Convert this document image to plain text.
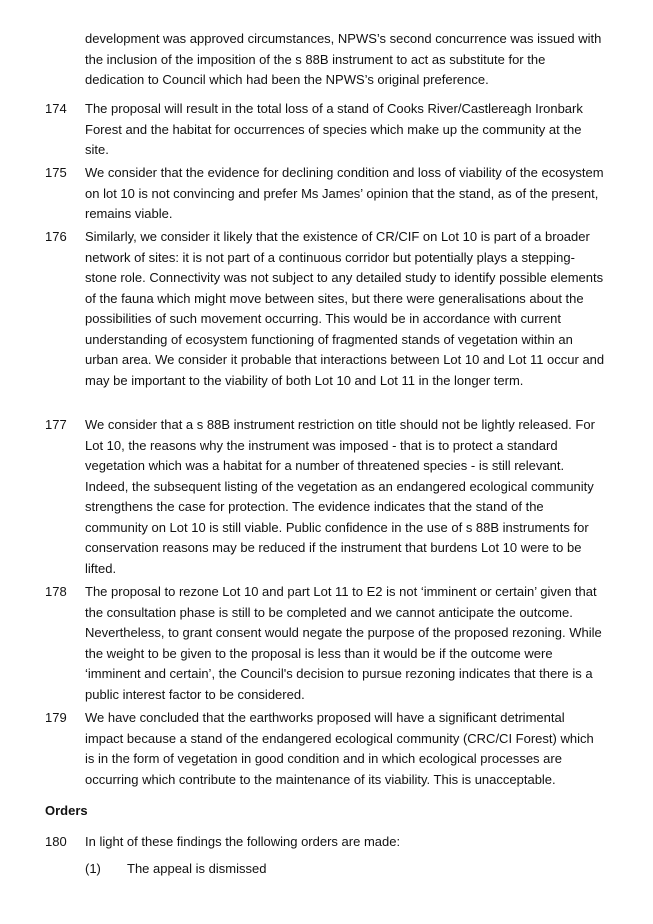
development was approved circumstances, NPWS’s second concurrence was issued with the inclusion of the imposition of the s 88B instrument to act as substitute for the dedication to Council which had been the NPWS’s original preference.
174 The proposal will result in the total loss of a stand of Cooks River/Castlereagh Ironbark Forest and the habitat for occurrences of species which make up the community at the site.
175 We consider that the evidence for declining condition and loss of viability of the ecosystem on lot 10 is not convincing and prefer Ms James’ opinion that the stand, as of the present, remains viable.
176 Similarly, we consider it likely that the existence of CR/CIF on Lot 10 is part of a broader network of sites: it is not part of a continuous corridor but potentially plays a stepping-stone role. Connectivity was not subject to any detailed study to identify possible elements of the fauna which might move between sites, but there were generalisations about the possibilities of such movement occurring. This would be in accordance with current understanding of ecosystem functioning of fragmented stands of vegetation within an urban area. We consider it probable that interactions between Lot 10 and Lot 11 occur and may be important to the viability of both Lot 10 and Lot 11 in the longer term.
177 We consider that a s 88B instrument restriction on title should not be lightly released. For Lot 10, the reasons why the instrument was imposed - that is to protect a standard vegetation which was a habitat for a number of threatened species - is still relevant. Indeed, the subsequent listing of the vegetation as an endangered ecological community strengthens the case for protection. The evidence indicates that the stand of the community on Lot 10 is still viable. Public confidence in the use of s 88B instruments for conservation reasons may be reduced if the instrument that burdens Lot 10 were to be lifted.
178 The proposal to rezone Lot 10 and part Lot 11 to E2 is not ‘imminent or certain’ given that the consultation phase is still to be completed and we cannot anticipate the outcome. Nevertheless, to grant consent would negate the purpose of the proposed rezoning. While the weight to be given to the proposal is less than it would be if the outcome were ‘imminent and certain’, the Council's decision to pursue rezoning indicates that there is a public interest factor to be considered.
179 We have concluded that the earthworks proposed will have a significant detrimental impact because a stand of the endangered ecological community (CRC/CI Forest) which is in the form of vegetation in good condition and in which ecological processes are occurring which contribute to the maintenance of its viability. This is unacceptable.
Orders
180 In light of these findings the following orders are made:
(1) The appeal is dismissed
